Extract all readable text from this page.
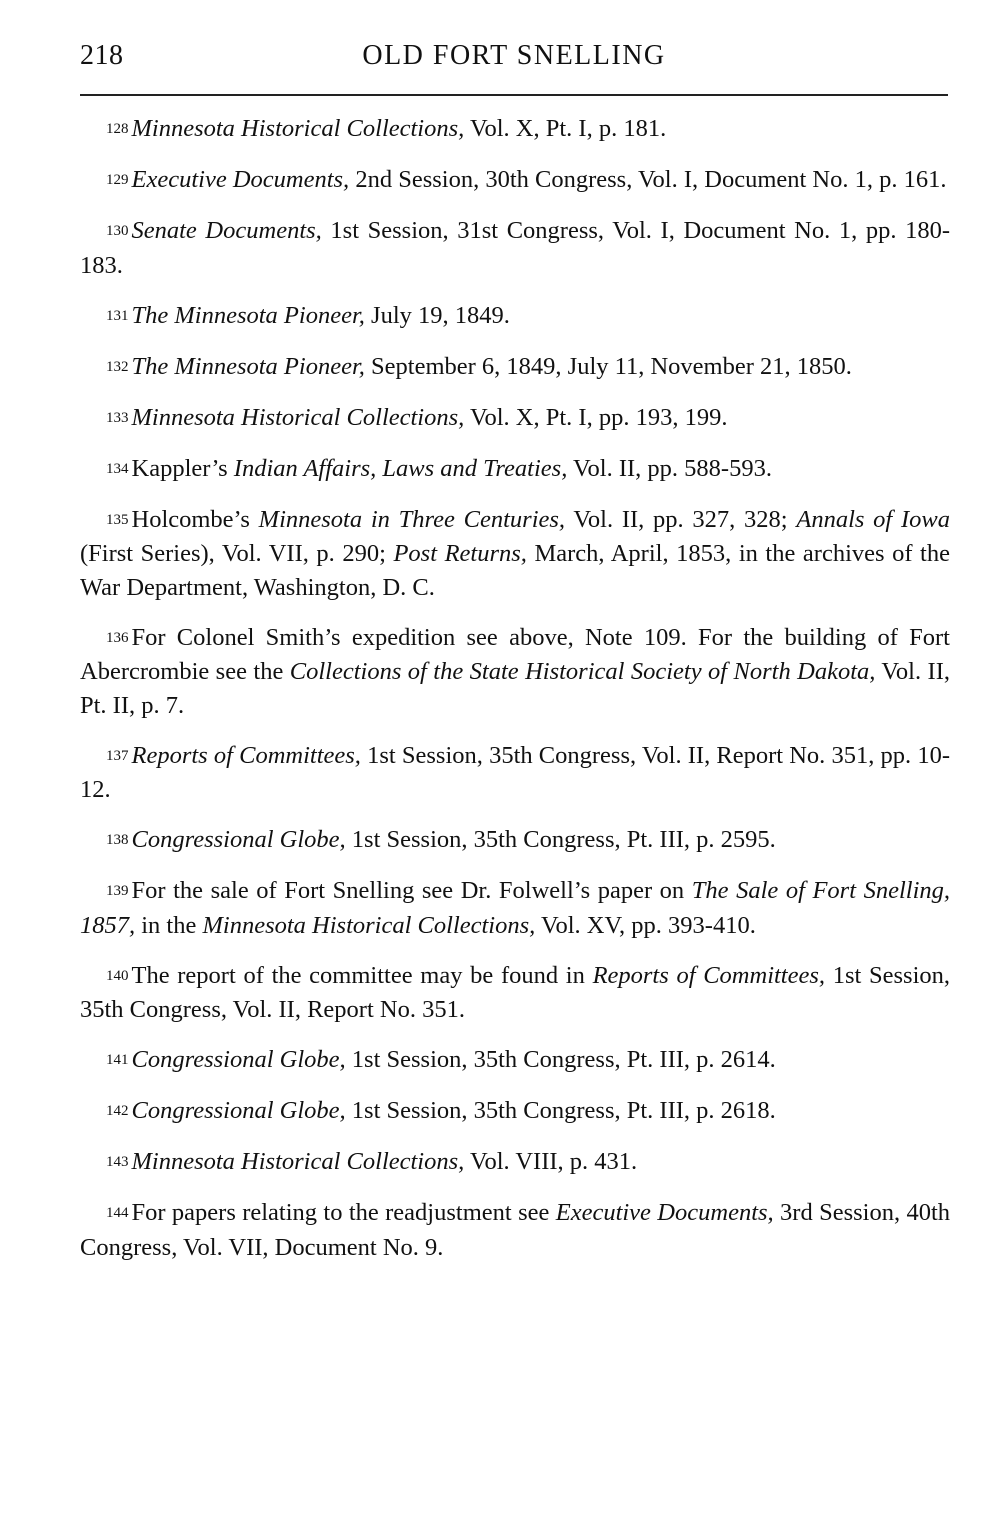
218	OLD FORT SNELLING

128 Minnesota Historical Collections, Vol. X, Pt. I, p. 181.

129 Executive Documents, 2nd Session, 30th Congress, Vol. I, Document No. 1, p. 161.

130 Senate Documents, 1st Session, 31st Congress, Vol. I, Document No. 1, pp. 180-183.

131 The Minnesota Pioneer, July 19, 1849.

132 The Minnesota Pioneer, September 6, 1849, July 11, November 21, 1850.

133 Minnesota Historical Collections, Vol. X, Pt. I, pp. 193, 199.

134 Kappler’s Indian Affairs, Laws and Treaties, Vol. II, pp. 588-593.

135 Holcombe’s Minnesota in Three Centuries, Vol. II, pp. 327, 328; Annals of Iowa (First Series), Vol. VII, p. 290; Post Returns, March, April, 1853, in the archives of the War Department, Washington, D. C.

136 For Colonel Smith’s expedition see above, Note 109. For the building of Fort Abercrombie see the Collections of the State Historical Society of North Dakota, Vol. II, Pt. II, p. 7.

137 Reports of Committees, 1st Session, 35th Congress, Vol. II, Report No. 351, pp. 10-12.

138 Congressional Globe, 1st Session, 35th Congress, Pt. III, p. 2595.

139 For the sale of Fort Snelling see Dr. Folwell’s paper on The Sale of Fort Snelling, 1857, in the Minnesota Historical Collections, Vol. XV, pp. 393-410.

140 The report of the committee may be found in Reports of Committees, 1st Session, 35th Congress, Vol. II, Report No. 351.

141 Congressional Globe, 1st Session, 35th Congress, Pt. III, p. 2614.

142 Congressional Globe, 1st Session, 35th Congress, Pt. III, p. 2618.

143 Minnesota Historical Collections, Vol. VIII, p. 431.

144 For papers relating to the readjustment see Executive Documents, 3rd Session, 40th Congress, Vol. VII, Document No. 9.
